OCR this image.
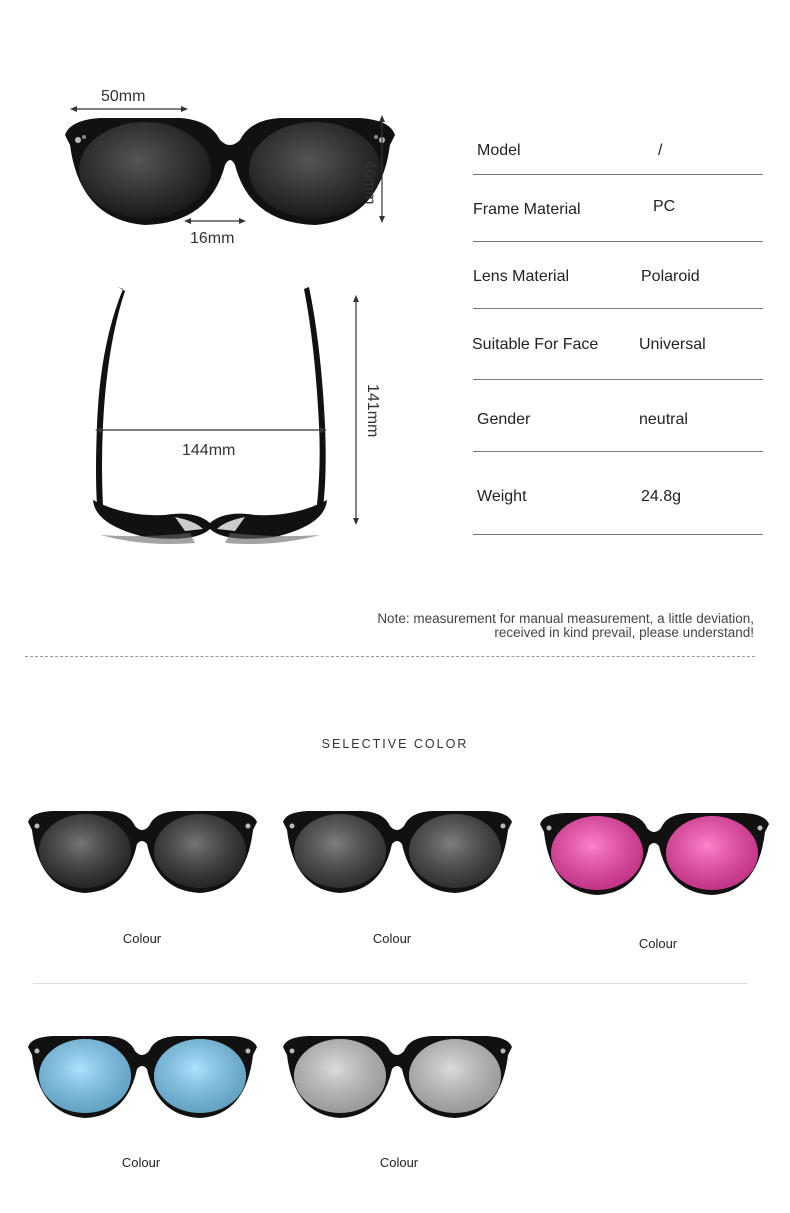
50mm
46mm
16mm
144mm
141mm
Model	/
Frame Material	PC
Lens Material	Polaroid
Suitable For Face	Universal
Gender	neutral
Weight	24.8g
Note: measurement for manual measurement, a little deviation,
received in kind prevail, please understand!
SELECTIVE COLOR
Colour	Colour	Colour
Colour	Colour
